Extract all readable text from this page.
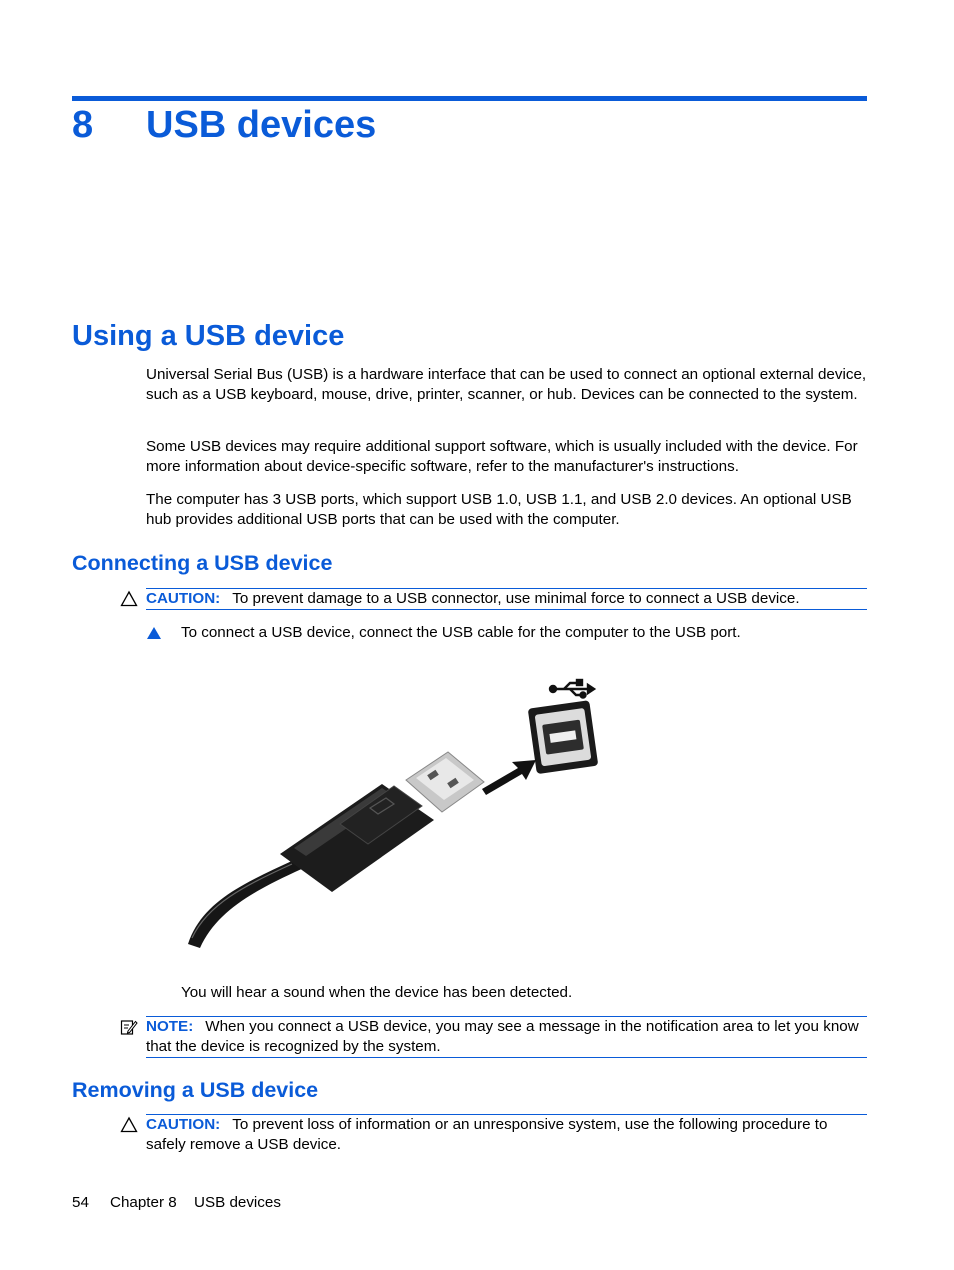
8 USB devices
Using a USB device
Universal Serial Bus (USB) is a hardware interface that can be used to connect an optional external device, such as a USB keyboard, mouse, drive, printer, scanner, or hub. Devices can be connected to the system.
Some USB devices may require additional support software, which is usually included with the device. For more information about device-specific software, refer to the manufacturer's instructions.
The computer has 3 USB ports, which support USB 1.0, USB 1.1, and USB 2.0 devices. An optional USB hub provides additional USB ports that can be used with the computer.
Connecting a USB device
CAUTION: To prevent damage to a USB connector, use minimal force to connect a USB device.
To connect a USB device, connect the USB cable for the computer to the USB port.
You will hear a sound when the device has been detected.
NOTE: When you connect a USB device, you may see a message in the notification area to let you know that the device is recognized by the system.
Removing a USB device
CAUTION: To prevent loss of information or an unresponsive system, use the following procedure to safely remove a USB device.
54 Chapter 8 USB devices
